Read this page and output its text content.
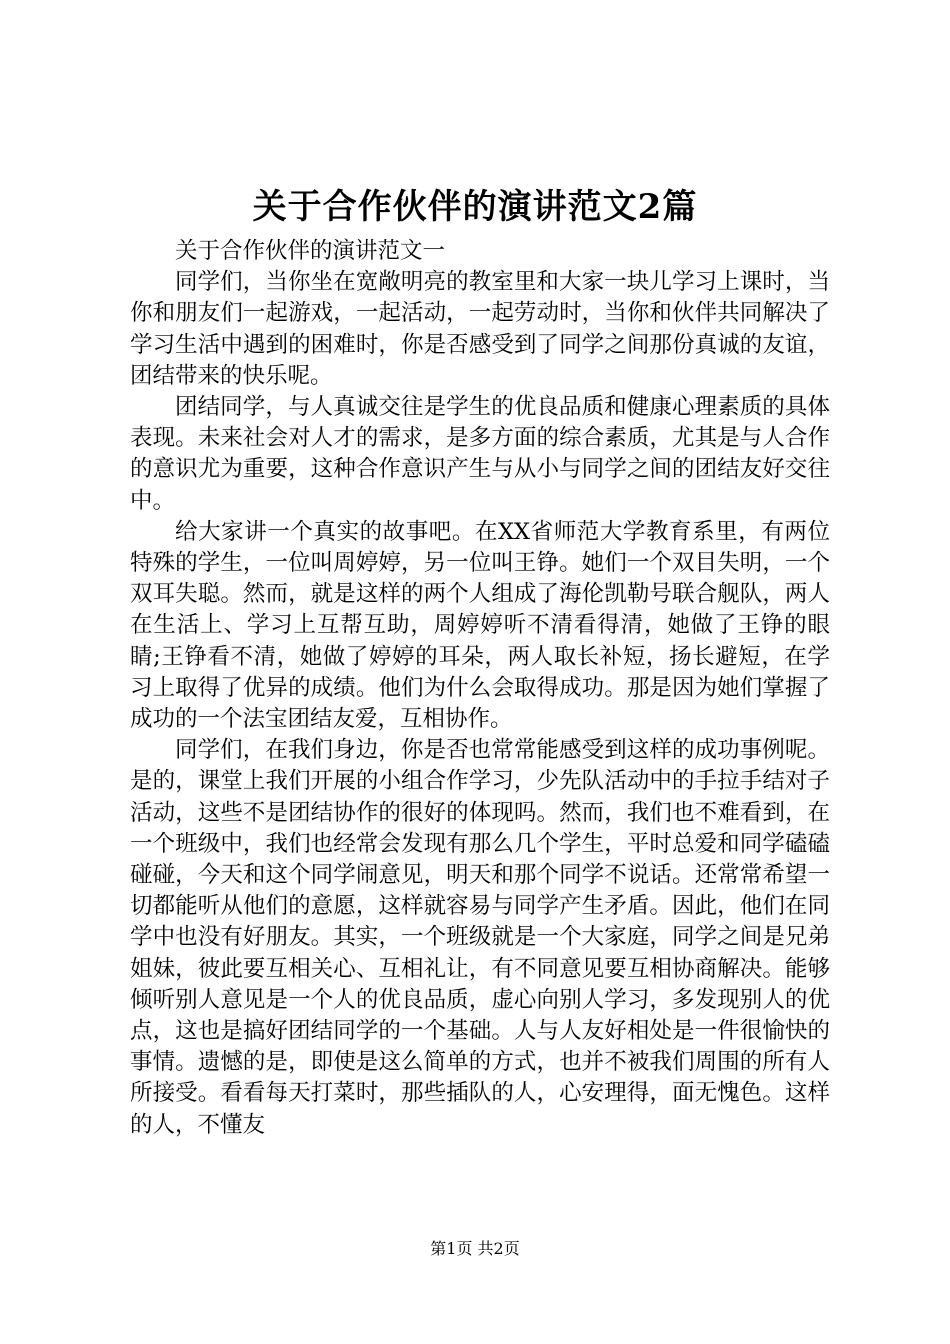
关于合作伙伴的演讲范文2篇

关于合作伙伴的演讲范文一

同学们，当你坐在宽敞明亮的教室里和大家一块儿学习上课时，当你和朋友们一起游戏，一起活动，一起劳动时，当你和伙伴共同解决了学习生活中遇到的困难时，你是否感受到了同学之间那份真诚的友谊，团结带来的快乐呢。

团结同学，与人真诚交往是学生的优良品质和健康心理素质的具体表现。未来社会对人才的需求，是多方面的综合素质，尤其是与人合作的意识尤为重要，这种合作意识产生与从小与同学之间的团结友好交往中。

给大家讲一个真实的故事吧。在XX省师范大学教育系里，有两位特殊的学生，一位叫周婷婷，另一位叫王铮。她们一个双目失明，一个双耳失聪。然而，就是这样的两个人组成了海伦凯勒号联合舰队，两人在生活上、学习上互帮互助，周婷婷听不清看得清，她做了王铮的眼睛;王铮看不清，她做了婷婷的耳朵，两人取长补短，扬长避短，在学习上取得了优异的成绩。他们为什么会取得成功。那是因为她们掌握了成功的一个法宝团结友爱，互相协作。

同学们，在我们身边，你是否也常常能感受到这样的成功事例呢。是的，课堂上我们开展的小组合作学习，少先队活动中的手拉手结对子活动，这些不是团结协作的很好的体现吗。然而，我们也不难看到，在一个班级中，我们也经常会发现有那么几个学生，平时总爱和同学磕磕碰碰，今天和这个同学闹意见，明天和那个同学不说话。还常常希望一切都能听从他们的意愿，这样就容易与同学产生矛盾。因此，他们在同学中也没有好朋友。其实，一个班级就是一个大家庭，同学之间是兄弟姐妹，彼此要互相关心、互相礼让，有不同意见要互相协商解决。能够倾听别人意见是一个人的优良品质，虚心向别人学习，多发现别人的优点，这也是搞好团结同学的一个基础。人与人友好相处是一件很愉快的事情。遗憾的是，即使是这么简单的方式，也并不被我们周围的所有人所接受。看看每天打菜时，那些插队的人，心安理得，面无愧色。这样的人，不懂友

第1页 共2页
